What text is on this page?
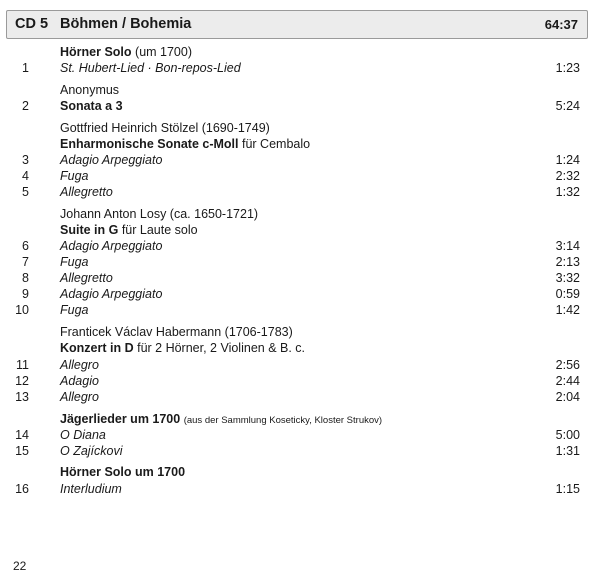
CD 5 Böhmen / Bohemia	64:37
Hörner Solo (um 1700)
1 St. Hubert-Lied · Bon-repos-Lied	1:23
Anonymus
2 Sonata a 3	5:24
Gottfried Heinrich Stölzel (1690-1749)
Enharmonische Sonate c-Moll für Cembalo
3 Adagio Arpeggiato	1:24
4 Fuga	2:32
5 Allegretto	1:32
Johann Anton Losy (ca. 1650-1721)
Suite in G für Laute solo
6 Adagio Arpeggiato	3:14
7 Fuga	2:13
8 Allegretto	3:32
9 Adagio Arpeggiato	0:59
10 Fuga	1:42
Franticek Václav Habermann (1706-1783)
Konzert in D für 2 Hörner, 2 Violinen & B. c.
11 Allegro	2:56
12 Adagio	2:44
13 Allegro	2:04
Jägerlieder um 1700 (aus der Sammlung Koseticky, Kloster Strukov)
14 O Diana	5:00
15 O Zajíckovi	1:31
Hörner Solo um 1700
16 Interludium	1:15
22
